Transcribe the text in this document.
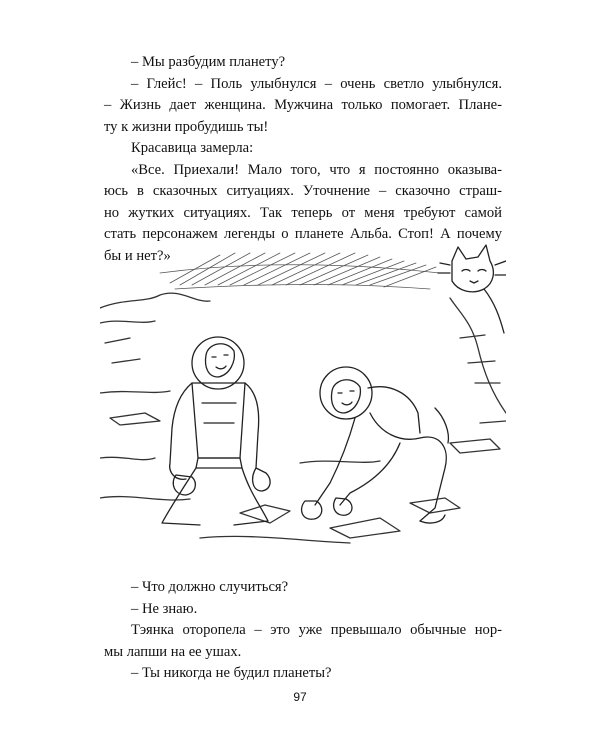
– Мы разбудим планету?
– Глейс! – Поль улыбнулся – очень светло улыбнулся.
– Жизнь дает женщина. Мужчина только помогает. Плане-
ту к жизни пробудишь ты!
Красавица замерла:
«Все. Приехали! Мало того, что я постоянно оказыва-
юсь в сказочных ситуациях. Уточнение – сказочно страш-
но жутких ситуациях. Так теперь от меня требуют самой
стать персонажем легенды о планете Альба. Стоп! А почему
бы и нет?»
– Что должно случиться?
– Не знаю.
Тэянка оторопела – это уже превышало обычные нор-
мы лапши на ее ушах.
– Ты никогда не будил планеты?
97
